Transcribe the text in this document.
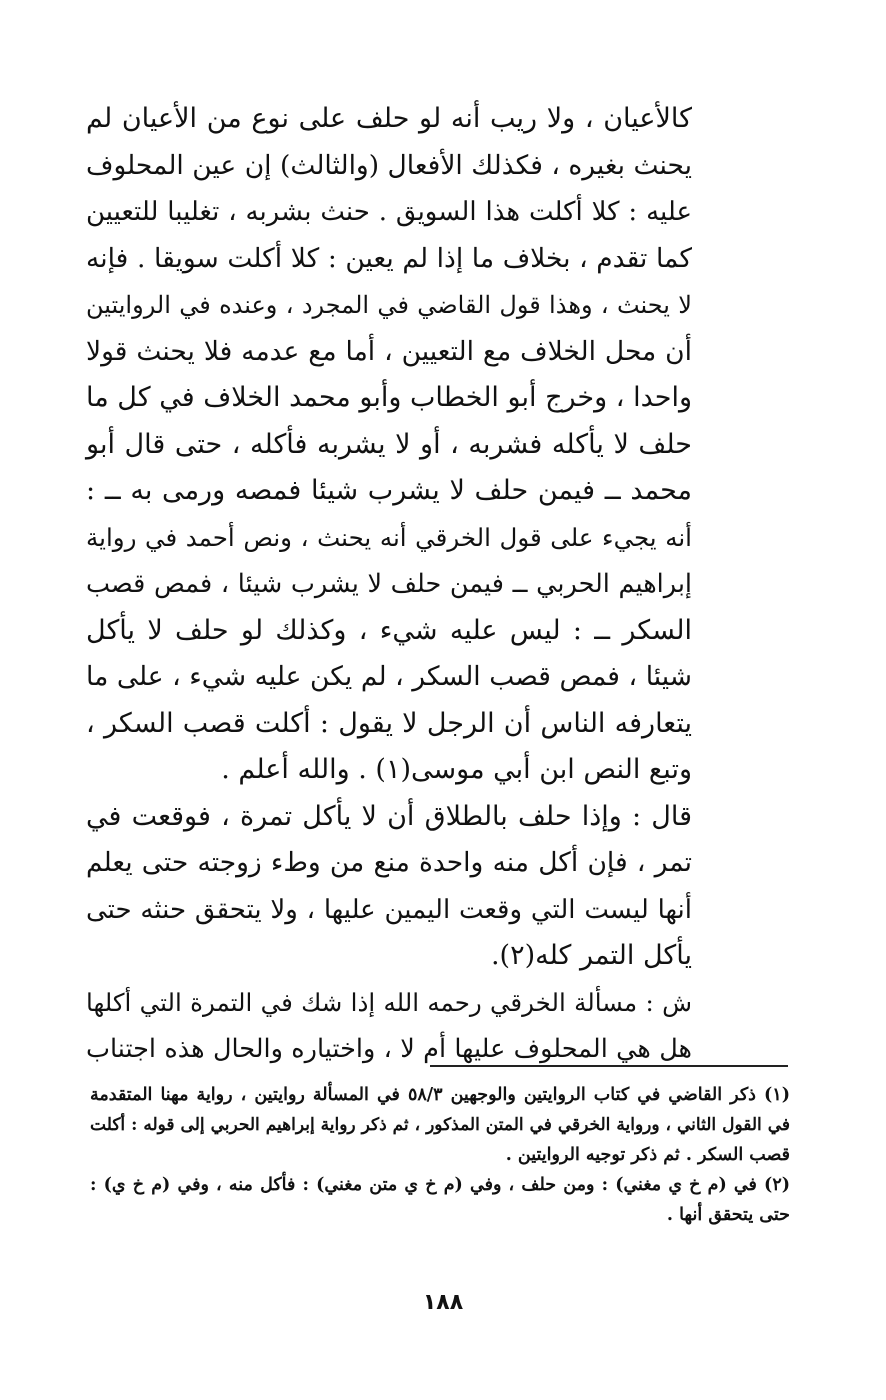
كالأعيان ، ولا ريب أنه لو حلف على نوع من الأعيان لم
يحنث بغيره ، فكذلك الأفعال (والثالث) إن عين المحلوف
عليه : كلا أكلت هذا السويق . حنث بشربه ، تغليبا للتعيين
كما تقدم ، بخلاف ما إذا لم يعين : كلا أكلت سويقا . فإنه
لا يحنث ، وهذا قول القاضي في المجرد ، وعنده في الروايتين
أن محل الخلاف مع التعيين ، أما مع عدمه فلا يحنث قولا
واحدا ، وخرج أبو الخطاب وأبو محمد الخلاف في كل ما
حلف لا يأكله فشربه ، أو لا يشربه فأكله ، حتى قال أبو
محمد ــ فيمن حلف لا يشرب شيئا فمصه ورمى به ــ :
أنه يجيء على قول الخرقي أنه يحنث ، ونص أحمد في رواية
إبراهيم الحربي ــ فيمن حلف لا يشرب شيئا ، فمص قصب
السكر ــ : ليس عليه شيء ، وكذلك لو حلف لا يأكل
شيئا ، فمص قصب السكر ، لم يكن عليه شيء ، على ما
يتعارفه الناس أن الرجل لا يقول : أكلت قصب السكر ،
وتبع النص ابن أبي موسى(١) . والله أعلم .
قال : وإذا حلف بالطلاق أن لا يأكل تمرة ، فوقعت في
تمر ، فإن أكل منه واحدة منع من وطء زوجته حتى يعلم
أنها ليست التي وقعت اليمين عليها ، ولا يتحقق حنثه حتى
يأكل التمر كله(٢).
ش : مسألة الخرقي رحمه الله إذا شك في التمرة التي أكلها
هل هي المحلوف عليها أم لا ، واختياره والحال هذه اجتناب
(١) ذكر القاضي في كتاب الروايتين والوجهين ٥٨/٣ في المسألة روايتين ، رواية مهنا المتقدمة
في القول الثاني ، ورواية الخرقي في المتن المذكور ، ثم ذكر رواية إبراهيم الحربي إلى قوله : أكلت
قصب السكر . ثم ذكر توجيه الروايتين .
(٢) في (م خ ي مغني) : ومن حلف ، وفي (م خ ي متن مغني) : فأكل منه ، وفي (م خ ي) :
حتى يتحقق أنها .
١٨٨
